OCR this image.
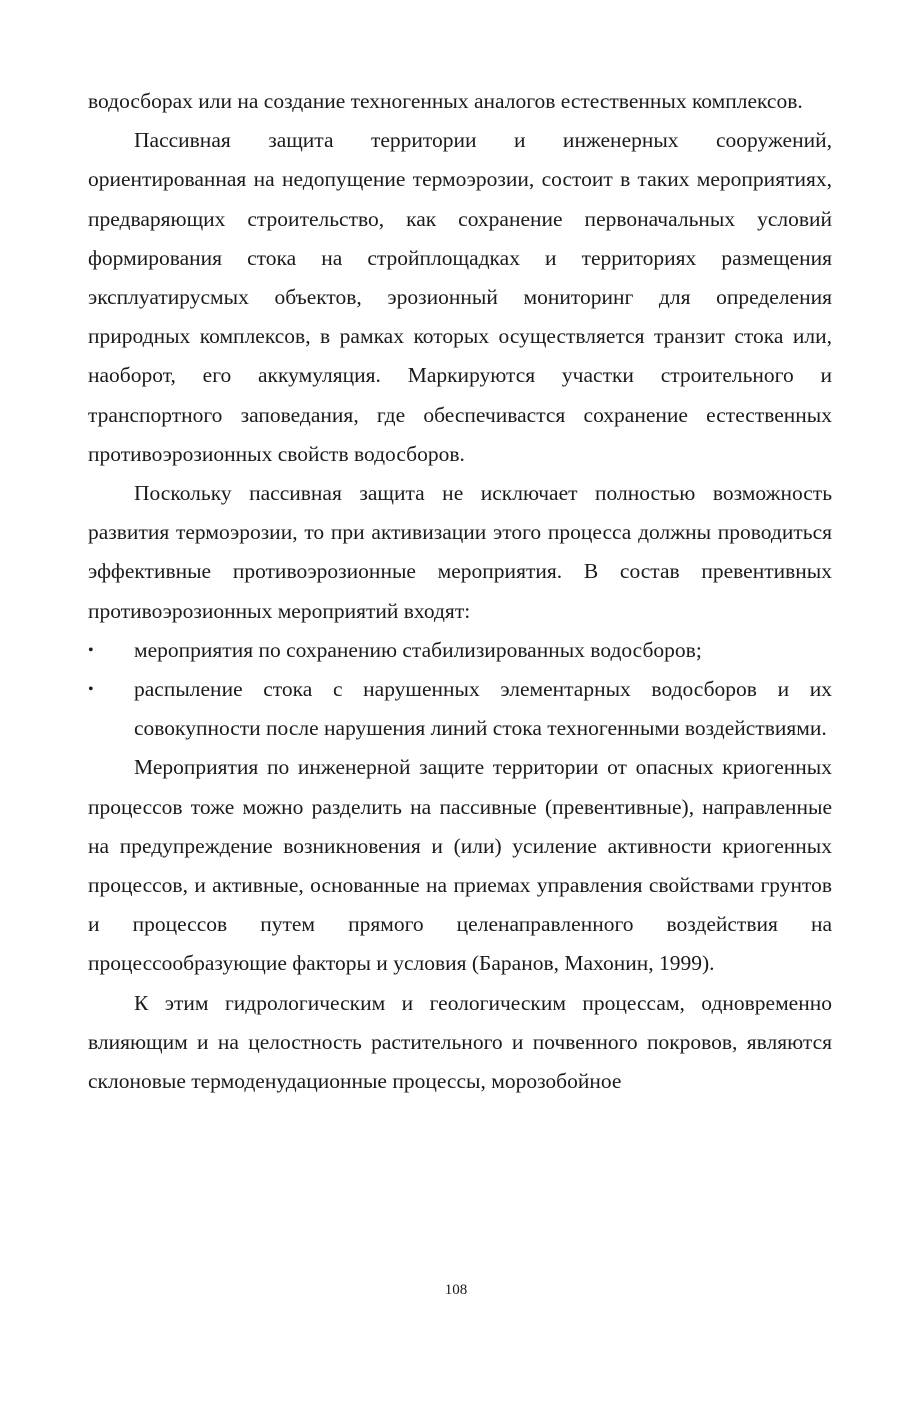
водосборах или на создание техногенных аналогов естественных комплексов.

Пассивная защита территории и инженерных сооружений, ориентированная на недопущение термоэрозии, состоит в таких мероприятиях, предваряющих строительство, как сохранение первоначальных условий формирования стока на стройплощадках и территориях размещения эксплуатирусмых объектов, эрозионный мониторинг для определения природных комплексов, в рамках которых осуществляется транзит стока или, наоборот, его аккумуляция. Маркируются участки строительного и транспортного заповедания, где обеспечивастся сохранение естественных противоэрозионных свойств водосборов.

Поскольку пассивная защита не исключает полностью возможность развития термоэрозии, то при активизации этого процесса должны проводиться эффективные противоэрозионные мероприятия. В состав превентивных противоэрозионных мероприятий входят:

•	мероприятия по сохранению стабилизированных водосборов;
•	распыление стока с нарушенных элементарных водосборов и их совокупности после нарушения линий стока техногенными воздействиями.

Мероприятия по инженерной защите территории от опасных криогенных процессов тоже можно разделить на пассивные (превентивные), направленные на предупреждение возникновения и (или) усиление активности криогенных процессов, и активные, основанные на приемах управления свойствами грунтов и процессов путем прямого целенаправленного воздействия на процессообразующие факторы и условия (Баранов, Махонин, 1999).

К этим гидрологическим и геологическим процессам, одновременно влияющим и на целостность растительного и почвенного покровов, являются склоновые термоденудационные процессы, морозобойное

108
